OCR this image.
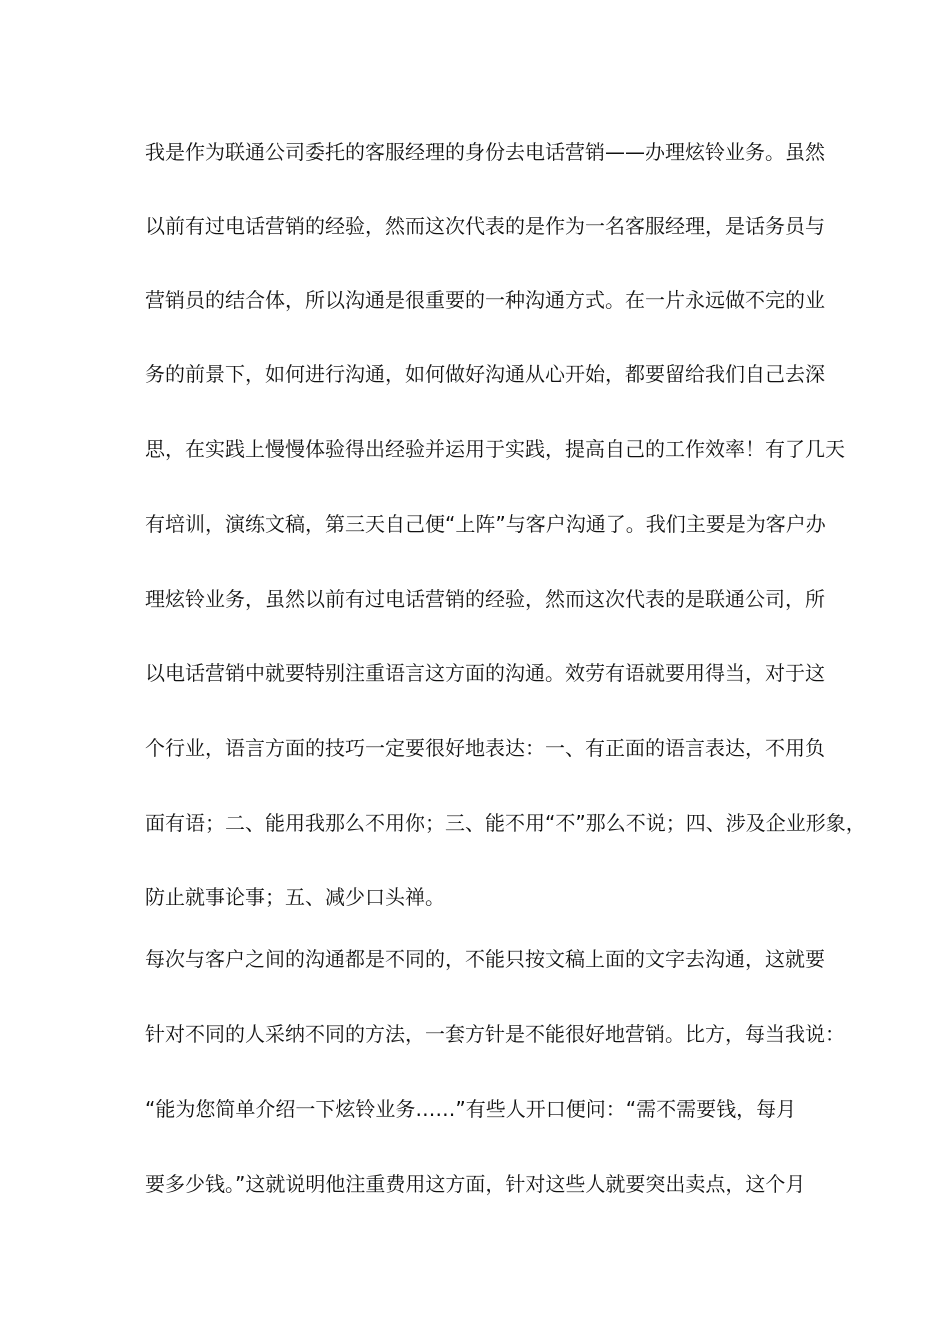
我是作为联通公司委托的客服经理的身份去电话营销——办理炫铃业务。虽然
以前有过电话营销的经验，然而这次代表的是作为一名客服经理，是话务员与
营销员的结合体，所以沟通是很重要的一种沟通方式。在一片永远做不完的业
务的前景下，如何进行沟通，如何做好沟通从心开始，都要留给我们自己去深
思，在实践上慢慢体验得出经验并运用于实践，提高自己的工作效率！有了几天
有培训，演练文稿，第三天自己便“上阵”与客户沟通了。我们主要是为客户办
理炫铃业务，虽然以前有过电话营销的经验，然而这次代表的是联通公司，所
以电话营销中就要特别注重语言这方面的沟通。效劳有语就要用得当，对于这
个行业，语言方面的技巧一定要很好地表达：一、有正面的语言表达，不用负
面有语；二、能用我那么不用你；三、能不用“不”那么不说；四、涉及企业形象，
防止就事论事；五、减少口头禅。
每次与客户之间的沟通都是不同的，不能只按文稿上面的文字去沟通，这就要
针对不同的人采纳不同的方法，一套方针是不能很好地营销。比方，每当我说：
“能为您简单介绍一下炫铃业务……”有些人开口便问：“需不需要钱，每月
要多少钱。”这就说明他注重费用这方面，针对这些人就要突出卖点，这个月
